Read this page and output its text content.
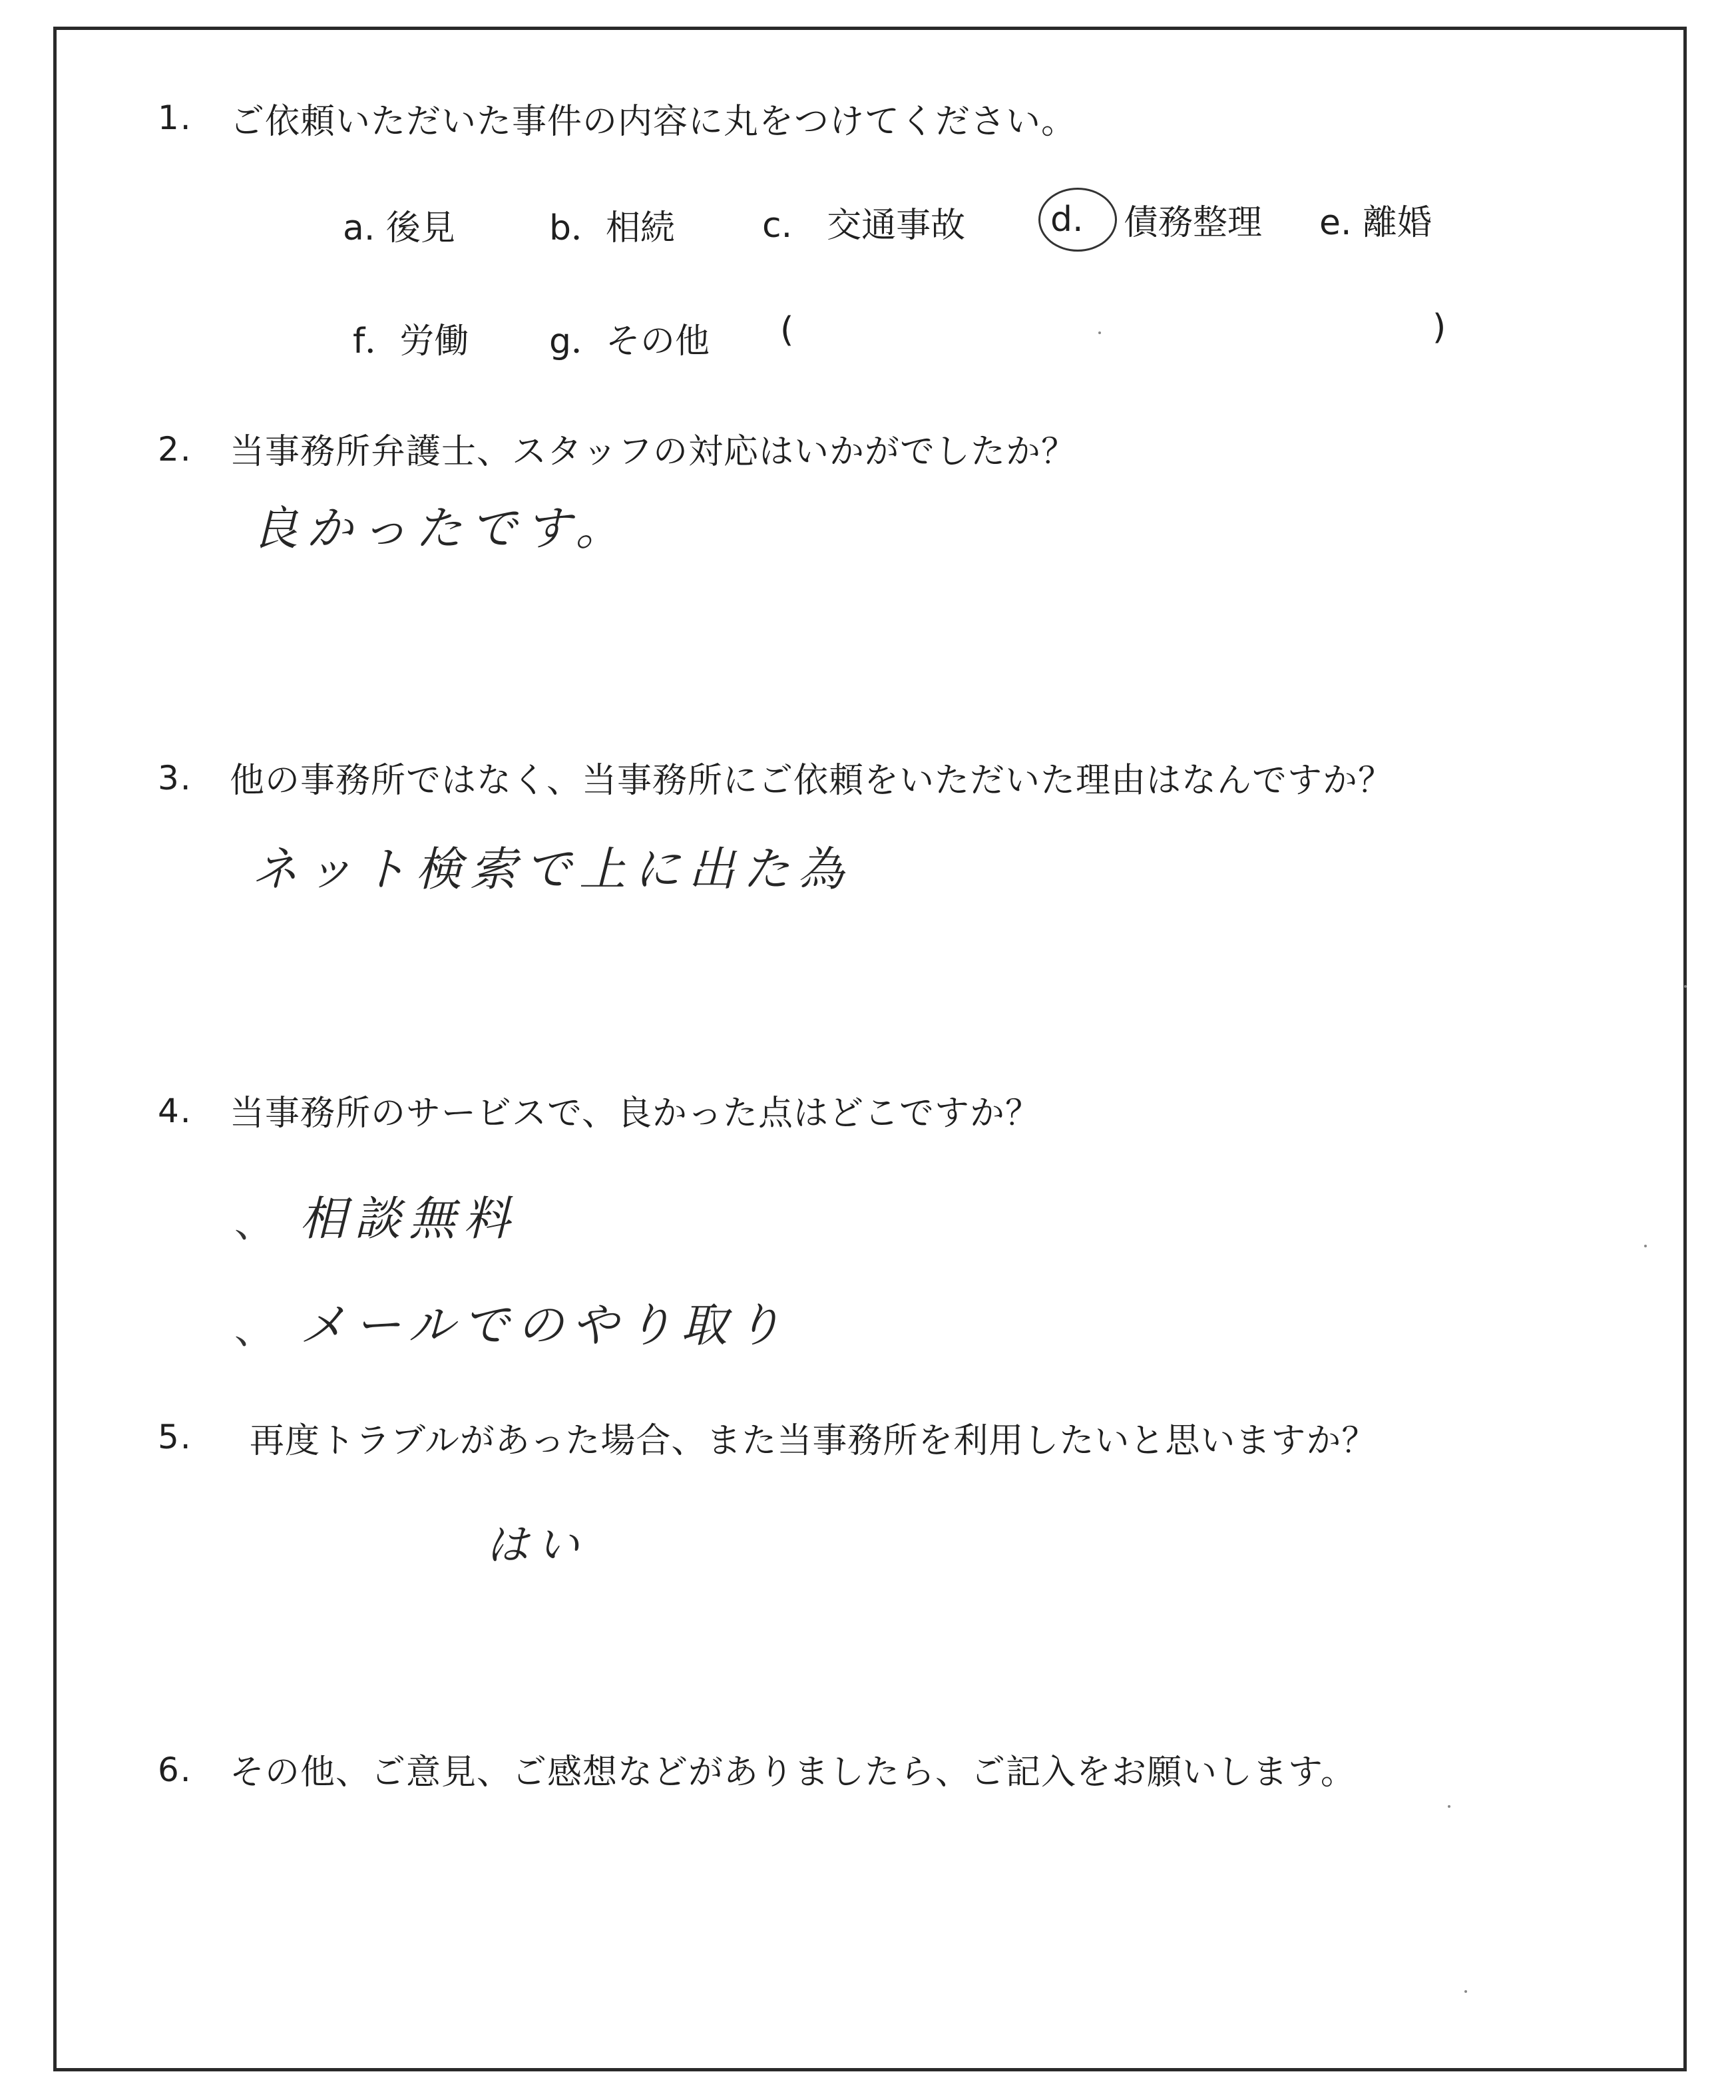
1. ご依頼いただいた事件の内容に丸をつけてください。
a. 後見	b．相続	c.　交通事故 d. 債務整理 e. 離婚
f．労働 g．その他 (	)
2. 当事務所弁護士、スタッフの対応はいかがでしたか？
良かったです。
3. 他の事務所ではなく、当事務所にご依頼をいただいた理由はなんですか？
ネット検索で上に出た為
4. 当事務所のサービスで、良かった点はどこですか？
、 相談無料
、 メールでのやり取り
5. 再度トラブルがあった場合、また当事務所を利用したいと思いますか？
はい
6. その他、ご意見、ご感想などがありましたら、ご記入をお願いします。
